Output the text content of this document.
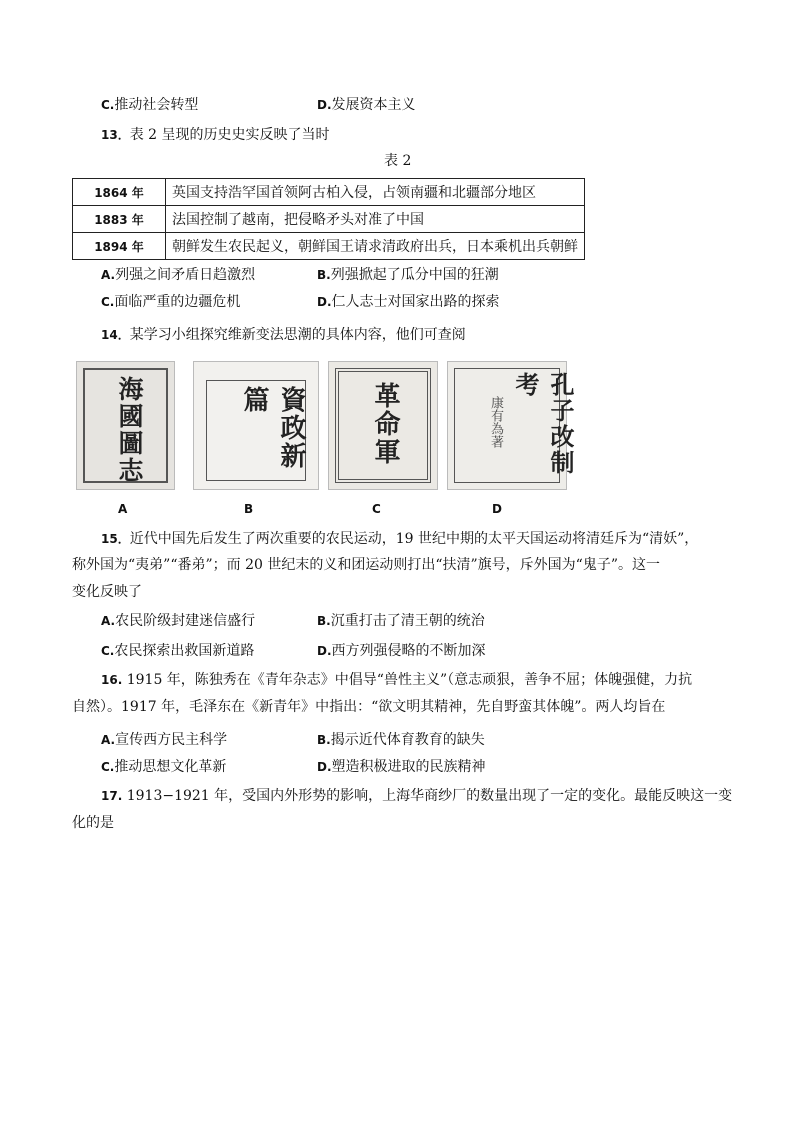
C.推动社会转型	D.发展资本主义
13．表 2 呈现的历史史实反映了当时
表 2
1864 年	英国支持浩罕国首领阿古柏入侵，占领南疆和北疆部分地区
1883 年	法国控制了越南，把侵略矛头对准了中国
1894 年	朝鲜发生农民起义，朝鲜国王请求清政府出兵，日本乘机出兵朝鲜
A.列强之间矛盾日趋激烈	B.列强掀起了瓜分中国的狂潮
C.面临严重的边疆危机	D.仁人志士对国家出路的探索
14．某学习小组探究维新变法思潮的具体内容，他们可查阅
海國圖志	資政新篇	革命軍	孔子改制考
康有為著
A	B	C	D
15．近代中国先后发生了两次重要的农民运动，19 世纪中期的太平天国运动将清廷斥为“清妖”，
称外国为“夷弟”“番弟”；而 20 世纪末的义和团运动则打出“扶清”旗号，斥外国为“鬼子”。这一
变化反映了
A.农民阶级封建迷信盛行	B.沉重打击了清王朝的统治
C.农民探索出救国新道路	D.西方列强侵略的不断加深
16. 1915 年，陈独秀在《青年杂志》中倡导“兽性主义”（意志顽狠，善争不屈；体魄强健，力抗
自然）。1917 年，毛泽东在《新青年》中指出：“欲文明其精神，先自野蛮其体魄”。两人均旨在
A.宣传西方民主科学	B.揭示近代体育教育的缺失
C.推动思想文化革新	D.塑造积极进取的民族精神
17. 1913−1921 年，受国内外形势的影响，上海华商纱厂的数量出现了一定的变化。最能反映这一变
化的是
